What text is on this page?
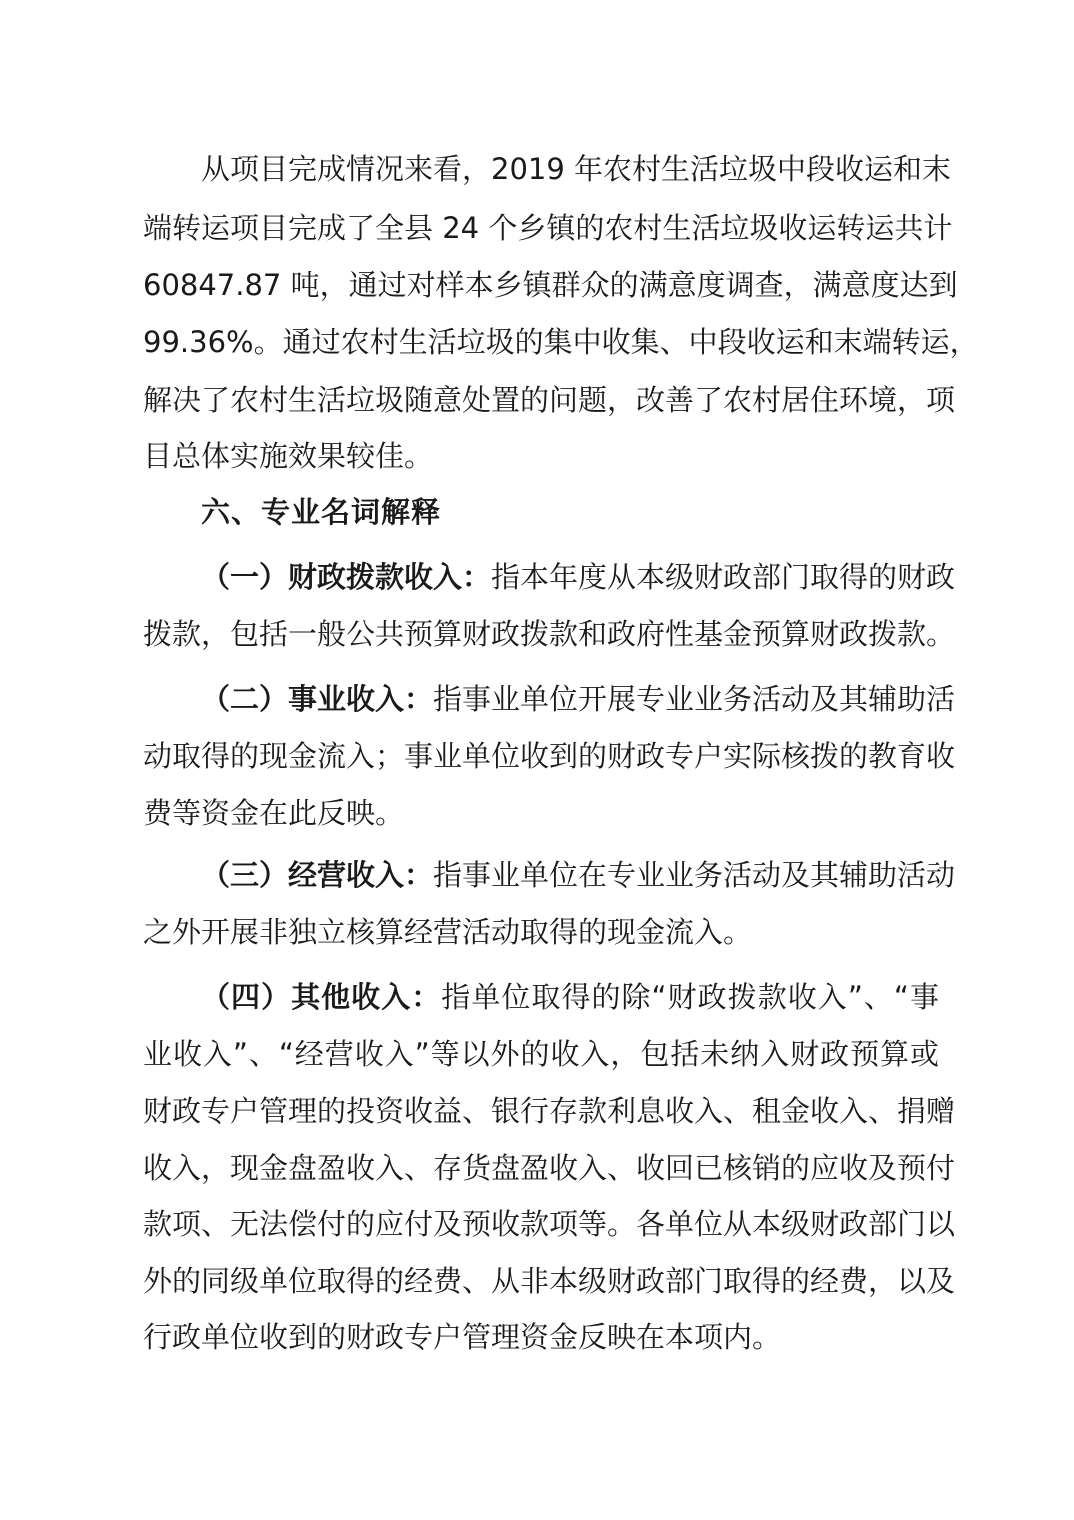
从项目完成情况来看，2019 年农村生活垃圾中段收运和末

端转运项目完成了全县 24 个乡镇的农村生活垃圾收运转运共计

60847.87 吨，通过对样本乡镇群众的满意度调查，满意度达到

99.36%。通过农村生活垃圾的集中收集、中段收运和末端转运，

解决了农村生活垃圾随意处置的问题，改善了农村居住环境，项

目总体实施效果较佳。

六、专业名词解释

（一）财政拨款收入：指本年度从本级财政部门取得的财政

拨款，包括一般公共预算财政拨款和政府性基金预算财政拨款。

（二）事业收入：指事业单位开展专业业务活动及其辅助活

动取得的现金流入；事业单位收到的财政专户实际核拨的教育收

费等资金在此反映。

（三）经营收入：指事业单位在专业业务活动及其辅助活动

之外开展非独立核算经营活动取得的现金流入。

（四）其他收入：指单位取得的除“财政拨款收入”、“事

业收入”、“经营收入”等以外的收入，包括未纳入财政预算或

财政专户管理的投资收益、银行存款利息收入、租金收入、捐赠

收入，现金盘盈收入、存货盘盈收入、收回已核销的应收及预付

款项、无法偿付的应付及预收款项等。各单位从本级财政部门以

外的同级单位取得的经费、从非本级财政部门取得的经费，以及

行政单位收到的财政专户管理资金反映在本项内。
